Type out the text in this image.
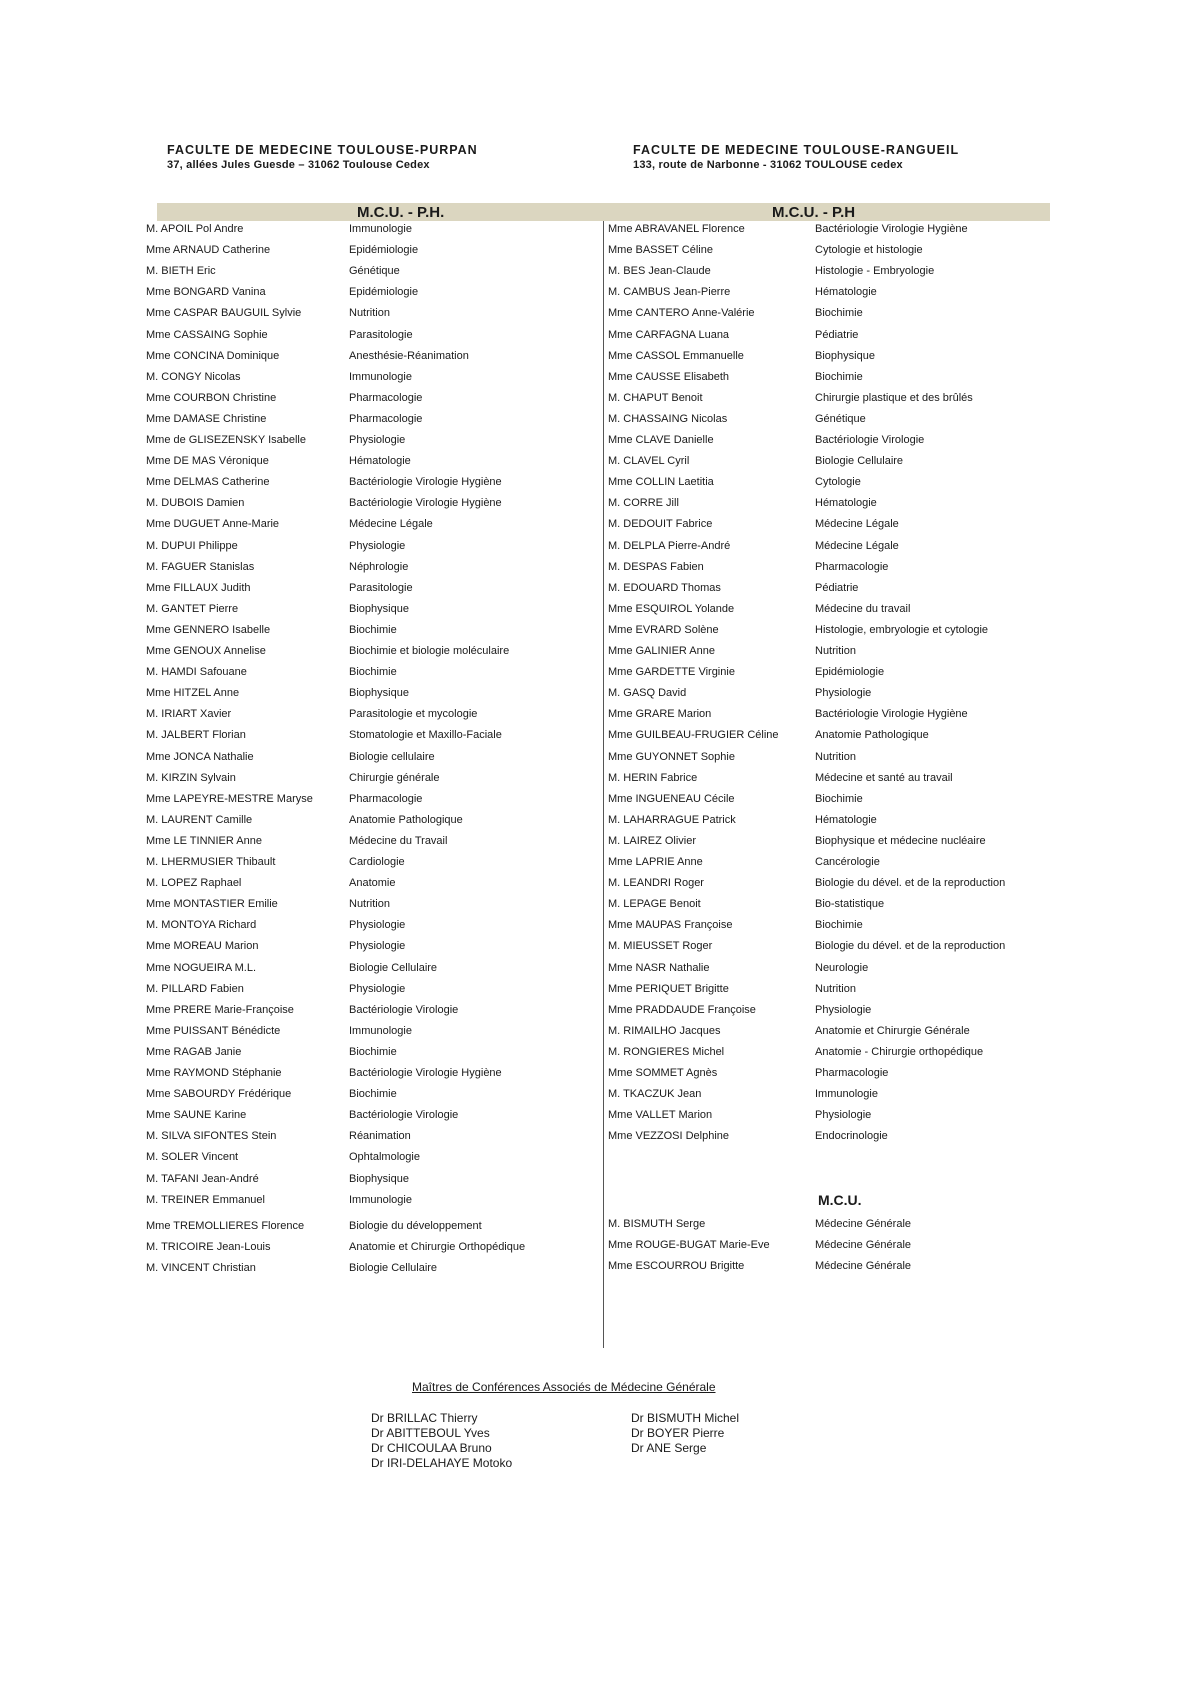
FACULTE DE MEDECINE TOULOUSE-PURPAN
37, allées Jules Guesde – 31062 Toulouse Cedex
FACULTE DE MEDECINE TOULOUSE-RANGUEIL
133, route de Narbonne - 31062 TOULOUSE cedex
M.C.U. - P.H.	M.C.U. - P.H
M. APOIL Pol Andre	Immunologie
Mme ARNAUD Catherine	Epidémiologie
M. BIETH Eric	Génétique
Mme BONGARD Vanina	Epidémiologie
Mme CASPAR BAUGUIL Sylvie	Nutrition
Mme CASSAING Sophie	Parasitologie
Mme CONCINA Dominique	Anesthésie-Réanimation
M. CONGY Nicolas	Immunologie
Mme COURBON Christine	Pharmacologie
Mme DAMASE Christine	Pharmacologie
Mme de GLISEZENSKY Isabelle	Physiologie
Mme DE MAS Véronique	Hématologie
Mme DELMAS Catherine	Bactériologie Virologie Hygiène
M. DUBOIS Damien	Bactériologie Virologie Hygiène
Mme DUGUET Anne-Marie	Médecine Légale
M. DUPUI Philippe	Physiologie
M. FAGUER Stanislas	Néphrologie
Mme FILLAUX Judith	Parasitologie
M. GANTET Pierre	Biophysique
Mme GENNERO Isabelle	Biochimie
Mme GENOUX Annelise	Biochimie et biologie moléculaire
M. HAMDI Safouane	Biochimie
Mme HITZEL Anne	Biophysique
M. IRIART Xavier	Parasitologie et mycologie
M. JALBERT Florian	Stomatologie et Maxillo-Faciale
Mme JONCA Nathalie	Biologie cellulaire
M. KIRZIN Sylvain	Chirurgie générale
Mme LAPEYRE-MESTRE Maryse	Pharmacologie
M. LAURENT Camille	Anatomie Pathologique
Mme LE TINNIER Anne	Médecine du Travail
M. LHERMUSIER Thibault	Cardiologie
M. LOPEZ Raphael	Anatomie
Mme MONTASTIER Emilie	Nutrition
M. MONTOYA Richard	Physiologie
Mme MOREAU Marion	Physiologie
Mme NOGUEIRA M.L.	Biologie Cellulaire
M. PILLARD Fabien	Physiologie
Mme PRERE Marie-Françoise	Bactériologie Virologie
Mme PUISSANT Bénédicte	Immunologie
Mme RAGAB Janie	Biochimie
Mme RAYMOND Stéphanie	Bactériologie Virologie Hygiène
Mme SABOURDY Frédérique	Biochimie
Mme SAUNE Karine	Bactériologie Virologie
M. SILVA SIFONTES Stein	Réanimation
M. SOLER Vincent	Ophtalmologie
M. TAFANI Jean-André	Biophysique
M. TREINER Emmanuel	Immunologie
Mme TREMOLLIERES Florence	Biologie du développement
M. TRICOIRE Jean-Louis	Anatomie et Chirurgie Orthopédique
M. VINCENT Christian	Biologie Cellulaire
Mme ABRAVANEL Florence	Bactériologie Virologie Hygiène
Mme BASSET Céline	Cytologie et histologie
M. BES Jean-Claude	Histologie - Embryologie
M. CAMBUS Jean-Pierre	Hématologie
Mme CANTERO Anne-Valérie	Biochimie
Mme CARFAGNA Luana	Pédiatrie
Mme CASSOL Emmanuelle	Biophysique
Mme CAUSSE Elisabeth	Biochimie
M. CHAPUT Benoit	Chirurgie plastique et des brûlés
M. CHASSAING Nicolas	Génétique
Mme CLAVE Danielle	Bactériologie Virologie
M. CLAVEL Cyril	Biologie Cellulaire
Mme COLLIN Laetitia	Cytologie
M. CORRE Jill	Hématologie
M. DEDOUIT Fabrice	Médecine Légale
M. DELPLA Pierre-André	Médecine Légale
M. DESPAS Fabien	Pharmacologie
M. EDOUARD Thomas	Pédiatrie
Mme ESQUIROL Yolande	Médecine du travail
Mme EVRARD Solène	Histologie, embryologie et cytologie
Mme GALINIER Anne	Nutrition
Mme GARDETTE Virginie	Epidémiologie
M. GASQ David	Physiologie
Mme GRARE Marion	Bactériologie Virologie Hygiène
Mme GUILBEAU-FRUGIER Céline	Anatomie Pathologique
Mme GUYONNET Sophie	Nutrition
M. HERIN Fabrice	Médecine et santé au travail
Mme INGUENEAU Cécile	Biochimie
M. LAHARRAGUE Patrick	Hématologie
M. LAIREZ Olivier	Biophysique et médecine nucléaire
Mme LAPRIE Anne	Cancérologie
M. LEANDRI Roger	Biologie du dével. et de la reproduction
M. LEPAGE Benoit	Bio-statistique
Mme MAUPAS Françoise	Biochimie
M. MIEUSSET Roger	Biologie du dével. et de la reproduction
Mme NASR Nathalie	Neurologie
Mme PERIQUET Brigitte	Nutrition
Mme PRADDAUDE Françoise	Physiologie
M. RIMAILHO Jacques	Anatomie et Chirurgie Générale
M. RONGIERES Michel	Anatomie - Chirurgie orthopédique
Mme SOMMET Agnès	Pharmacologie
M. TKACZUK Jean	Immunologie
Mme VALLET Marion	Physiologie
Mme VEZZOSI Delphine	Endocrinologie
M.C.U.
M. BISMUTH Serge	Médecine Générale
Mme ROUGE-BUGAT Marie-Eve	Médecine Générale
Mme ESCOURROU Brigitte	Médecine Générale
Maîtres de Conférences Associés de Médecine Générale
Dr BRILLAC Thierry
Dr ABITTEBOUL Yves
Dr CHICOULAA Bruno
Dr IRI-DELAHAYE Motoko
Dr BISMUTH Michel
Dr BOYER Pierre
Dr ANE Serge
